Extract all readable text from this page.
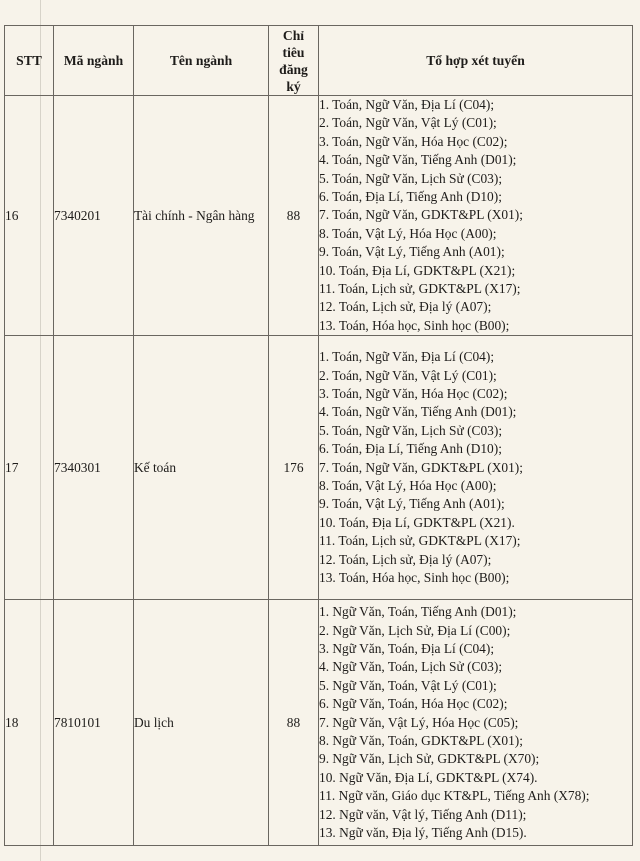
STT	Mã ngành	Tên ngành	Chỉ
tiêu
đăng
ký	Tổ hợp xét tuyển
16	7340201	Tài chính - Ngân hàng	88	
1. Toán, Ngữ Văn, Địa Lí (C04);
2. Toán, Ngữ Văn, Vật Lý (C01);
3. Toán, Ngữ Văn, Hóa Học (C02);
4. Toán, Ngữ Văn, Tiếng Anh (D01);
5. Toán, Ngữ Văn, Lịch Sử (C03);
6. Toán, Địa Lí, Tiếng Anh (D10);
7. Toán, Ngữ Văn, GDKT&PL (X01);
8. Toán, Vật Lý, Hóa Học (A00);
9. Toán, Vật Lý, Tiếng Anh (A01);
10. Toán, Địa Lí, GDKT&PL (X21);
11. Toán, Lịch sử, GDKT&PL (X17);
12. Toán, Lịch sử, Địa lý (A07);
13. Toán, Hóa học, Sinh học (B00);

17	7340301	Kế toán	176	
1. Toán, Ngữ Văn, Địa Lí (C04);
2. Toán, Ngữ Văn, Vật Lý (C01);
3. Toán, Ngữ Văn, Hóa Học (C02);
4. Toán, Ngữ Văn, Tiếng Anh (D01);
5. Toán, Ngữ Văn, Lịch Sử (C03);
6. Toán, Địa Lí, Tiếng Anh (D10);
7. Toán, Ngữ Văn, GDKT&PL (X01);
8. Toán, Vật Lý, Hóa Học (A00);
9. Toán, Vật Lý, Tiếng Anh (A01);
10. Toán, Địa Lí, GDKT&PL (X21).
11. Toán, Lịch sử, GDKT&PL (X17);
12. Toán, Lịch sử, Địa lý (A07);
13. Toán, Hóa học, Sinh học (B00);

18	7810101	Du lịch	88	
1. Ngữ Văn, Toán, Tiếng Anh (D01);
2. Ngữ Văn, Lịch Sử, Địa Lí (C00);
3. Ngữ Văn, Toán, Địa Lí (C04);
4. Ngữ Văn, Toán, Lịch Sử (C03);
5. Ngữ Văn, Toán, Vật Lý (C01);
6. Ngữ Văn, Toán, Hóa Học (C02);
7. Ngữ Văn, Vật Lý, Hóa Học (C05);
8. Ngữ Văn, Toán, GDKT&PL (X01);
9. Ngữ Văn, Lịch Sử, GDKT&PL (X70);
10. Ngữ Văn, Địa Lí, GDKT&PL (X74).
11. Ngữ văn, Giáo dục KT&PL, Tiếng Anh (X78);
12. Ngữ văn, Vật lý, Tiếng Anh (D11);
13. Ngữ văn, Địa lý, Tiếng Anh (D15).
